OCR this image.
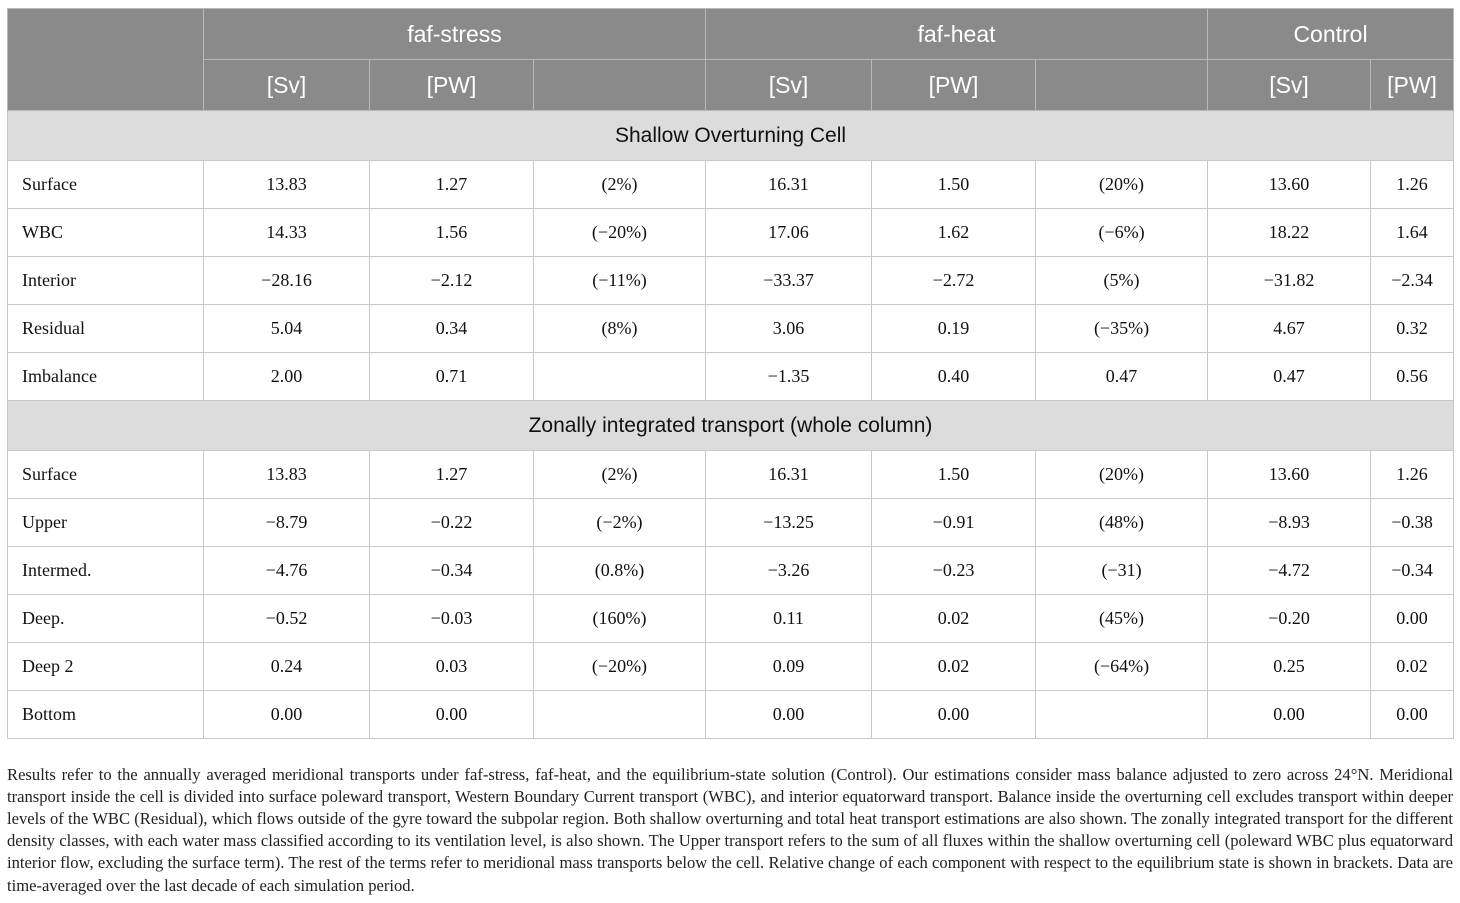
	faf-stress			faf-heat			Control	
	[Sv]	[PW]		[Sv]	[PW]		[Sv]	[PW]
Shallow Overturning Cell								
Surface	13.83	1.27	(2%)	16.31	1.50	(20%)	13.60	1.26
WBC	14.33	1.56	(−20%)	17.06	1.62	(−6%)	18.22	1.64
Interior	−28.16	−2.12	(−11%)	−33.37	−2.72	(5%)	−31.82	−2.34
Residual	5.04	0.34	(8%)	3.06	0.19	(−35%)	4.67	0.32
Imbalance	2.00	0.71		−1.35	0.40	0.47	0.47	0.56
Zonally integrated transport (whole column)								
Surface	13.83	1.27	(2%)	16.31	1.50	(20%)	13.60	1.26
Upper	−8.79	−0.22	(−2%)	−13.25	−0.91	(48%)	−8.93	−0.38
Intermed.	−4.76	−0.34	(0.8%)	−3.26	−0.23	(−31)	−4.72	−0.34
Deep.	−0.52	−0.03	(160%)	0.11	0.02	(45%)	−0.20	0.00
Deep 2	0.24	0.03	(−20%)	0.09	0.02	(−64%)	0.25	0.02
Bottom	0.00	0.00		0.00	0.00		0.00	0.00

Results refer to the annually averaged meridional transports under faf-stress, faf-heat, and the equilibrium-state solution (Control). Our estimations consider mass balance adjusted to zero across 24°N. Meridional transport inside the cell is divided into surface poleward transport, Western Boundary Current transport (WBC), and interior equatorward transport. Balance inside the overturning cell excludes transport within deeper levels of the WBC (Residual), which flows outside of the gyre toward the subpolar region. Both shallow overturning and total heat transport estimations are also shown. The zonally integrated transport for the different density classes, with each water mass classified according to its ventilation level, is also shown. The Upper transport refers to the sum of all fluxes within the shallow overturning cell (poleward WBC plus equatorward interior flow, excluding the surface term). The rest of the terms refer to meridional mass transports below the cell. Relative change of each component with respect to the equilibrium state is shown in brackets. Data are time-averaged over the last decade of each simulation period.
